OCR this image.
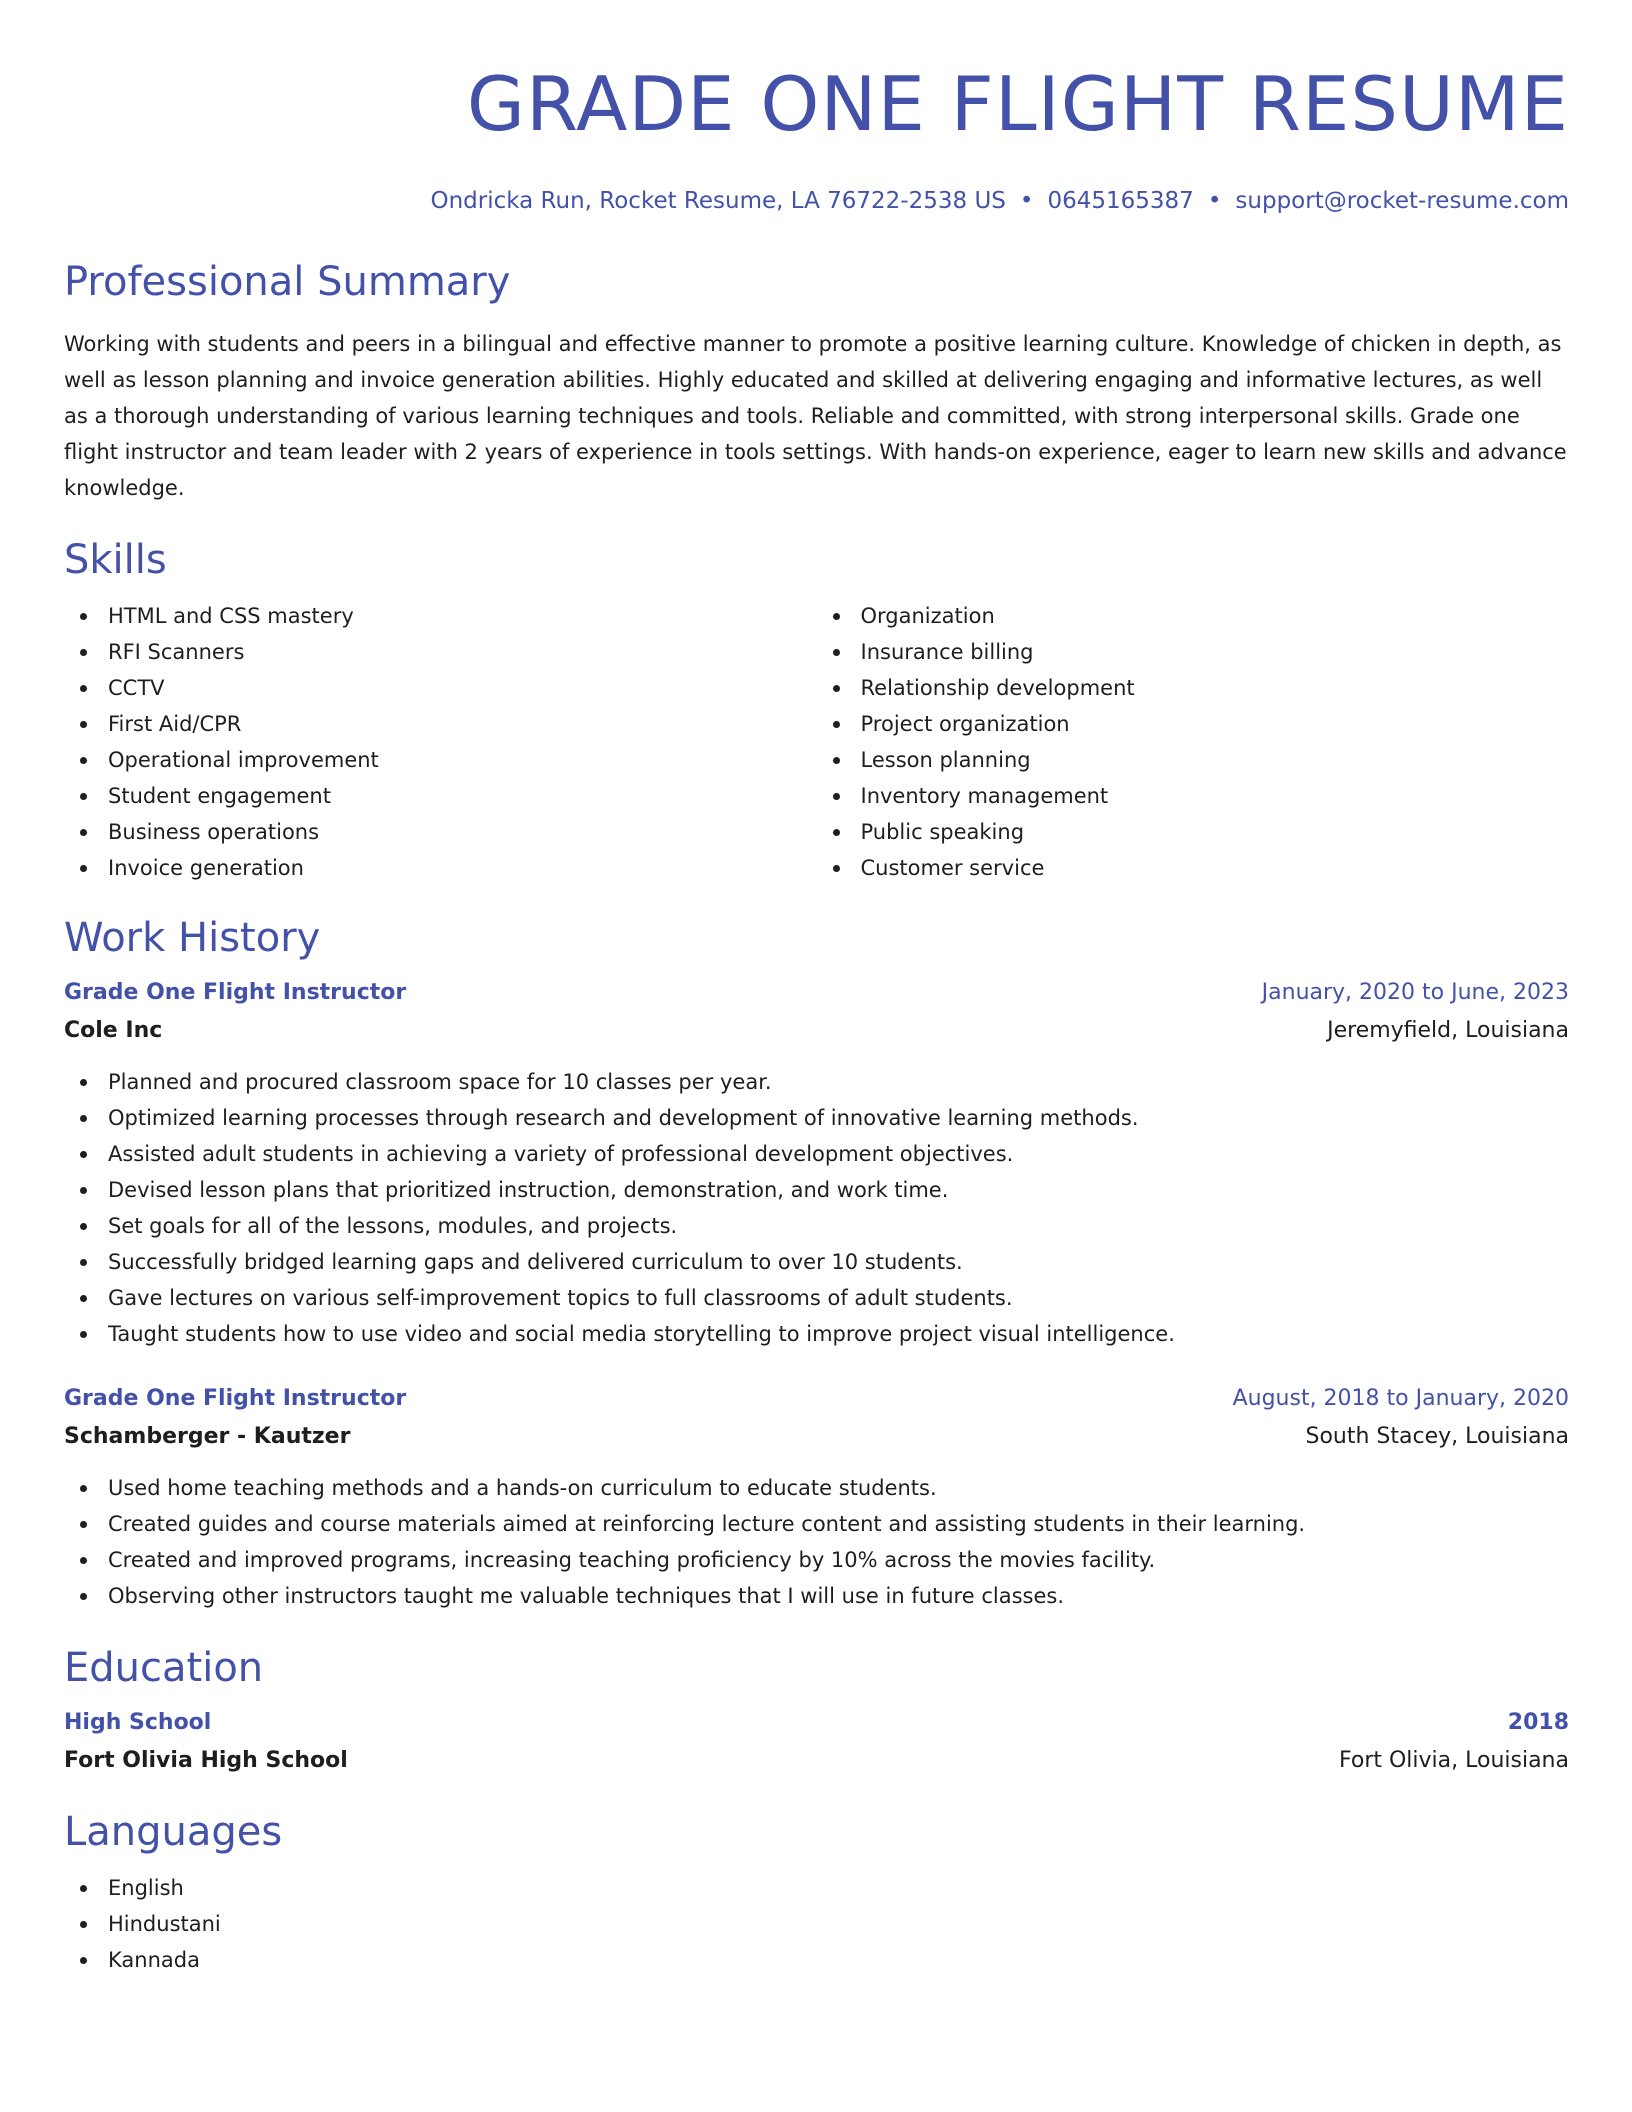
GRADE ONE FLIGHT RESUME
Ondricka Run, Rocket Resume, LA 76722-2538 US • 0645165387 • support@rocket-resume.com
Professional Summary
Working with students and peers in a bilingual and effective manner to promote a positive learning culture. Knowledge of chicken in depth, as well as lesson planning and invoice generation abilities. Highly educated and skilled at delivering engaging and informative lectures, as well as a thorough understanding of various learning techniques and tools. Reliable and committed, with strong interpersonal skills. Grade one flight instructor and team leader with 2 years of experience in tools settings. With hands-on experience, eager to learn new skills and advance knowledge.
Skills
HTML and CSS mastery
RFI Scanners
CCTV
First Aid/CPR
Operational improvement
Student engagement
Business operations
Invoice generation
Organization
Insurance billing
Relationship development
Project organization
Lesson planning
Inventory management
Public speaking
Customer service
Work History
Grade One Flight Instructor	January, 2020 to June, 2023
Cole Inc	Jeremyfield, Louisiana
Planned and procured classroom space for 10 classes per year.
Optimized learning processes through research and development of innovative learning methods.
Assisted adult students in achieving a variety of professional development objectives.
Devised lesson plans that prioritized instruction, demonstration, and work time.
Set goals for all of the lessons, modules, and projects.
Successfully bridged learning gaps and delivered curriculum to over 10 students.
Gave lectures on various self-improvement topics to full classrooms of adult students.
Taught students how to use video and social media storytelling to improve project visual intelligence.
Grade One Flight Instructor	August, 2018 to January, 2020
Schamberger - Kautzer	South Stacey, Louisiana
Used home teaching methods and a hands-on curriculum to educate students.
Created guides and course materials aimed at reinforcing lecture content and assisting students in their learning.
Created and improved programs, increasing teaching proficiency by 10% across the movies facility.
Observing other instructors taught me valuable techniques that I will use in future classes.
Education
High School	2018
Fort Olivia High School	Fort Olivia, Louisiana
Languages
English
Hindustani
Kannada
